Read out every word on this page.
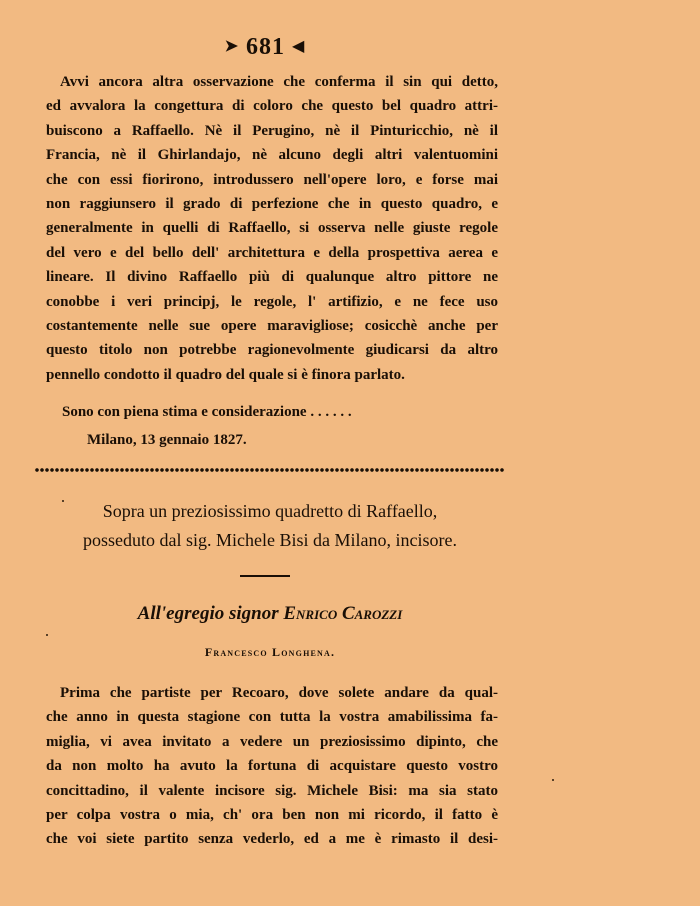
➤ 681 ◀
Avvi ancora altra osservazione che conferma il sin qui detto,
ed avvalora la congettura di coloro che questo bel quadro attri-
buiscono a Raffaello. Nè il Perugino, nè il Pinturicchio, nè il
Francia, nè il Ghirlandajo, nè alcuno degli altri valentuomini
che con essi fiorirono, introdussero nell'opere loro, e forse mai
non raggiunsero il grado di perfezione che in questo quadro, e
generalmente in quelli di Raffaello, si osserva nelle giuste regole
del vero e del bello dell' architettura e della prospettiva aerea e
lineare. Il divino Raffaello più di qualunque altro pittore ne
conobbe i veri principj, le regole, l' artifizio, e ne fece uso
costantemente nelle sue opere maravigliose; cosicchè anche per
questo titolo non potrebbe ragionevolmente giudicarsi da altro
pennello condotto il quadro del quale si è finora parlato.
Sono con piena stima e considerazione . . . . . .
Milano, 13 gennaio 1827.
Sopra un preziosissimo quadretto di Raffaello,
posseduto dal sig. Michele Bisi da Milano, incisore.
All'egregio signor Enrico Carozzi
Francesco Longhena.
Prima che partiste per Recoaro, dove solete andare da qual-
che anno in questa stagione con tutta la vostra amabilissima fa-
miglia, vi avea invitato a vedere un preziosissimo dipinto, che
da non molto ha avuto la fortuna di acquistare questo vostro
concittadino, il valente incisore sig. Michele Bisi: ma sia stato
per colpa vostra o mia, ch' ora ben non mi ricordo, il fatto è
che voi siete partito senza vederlo, ed a me è rimasto il desi-
